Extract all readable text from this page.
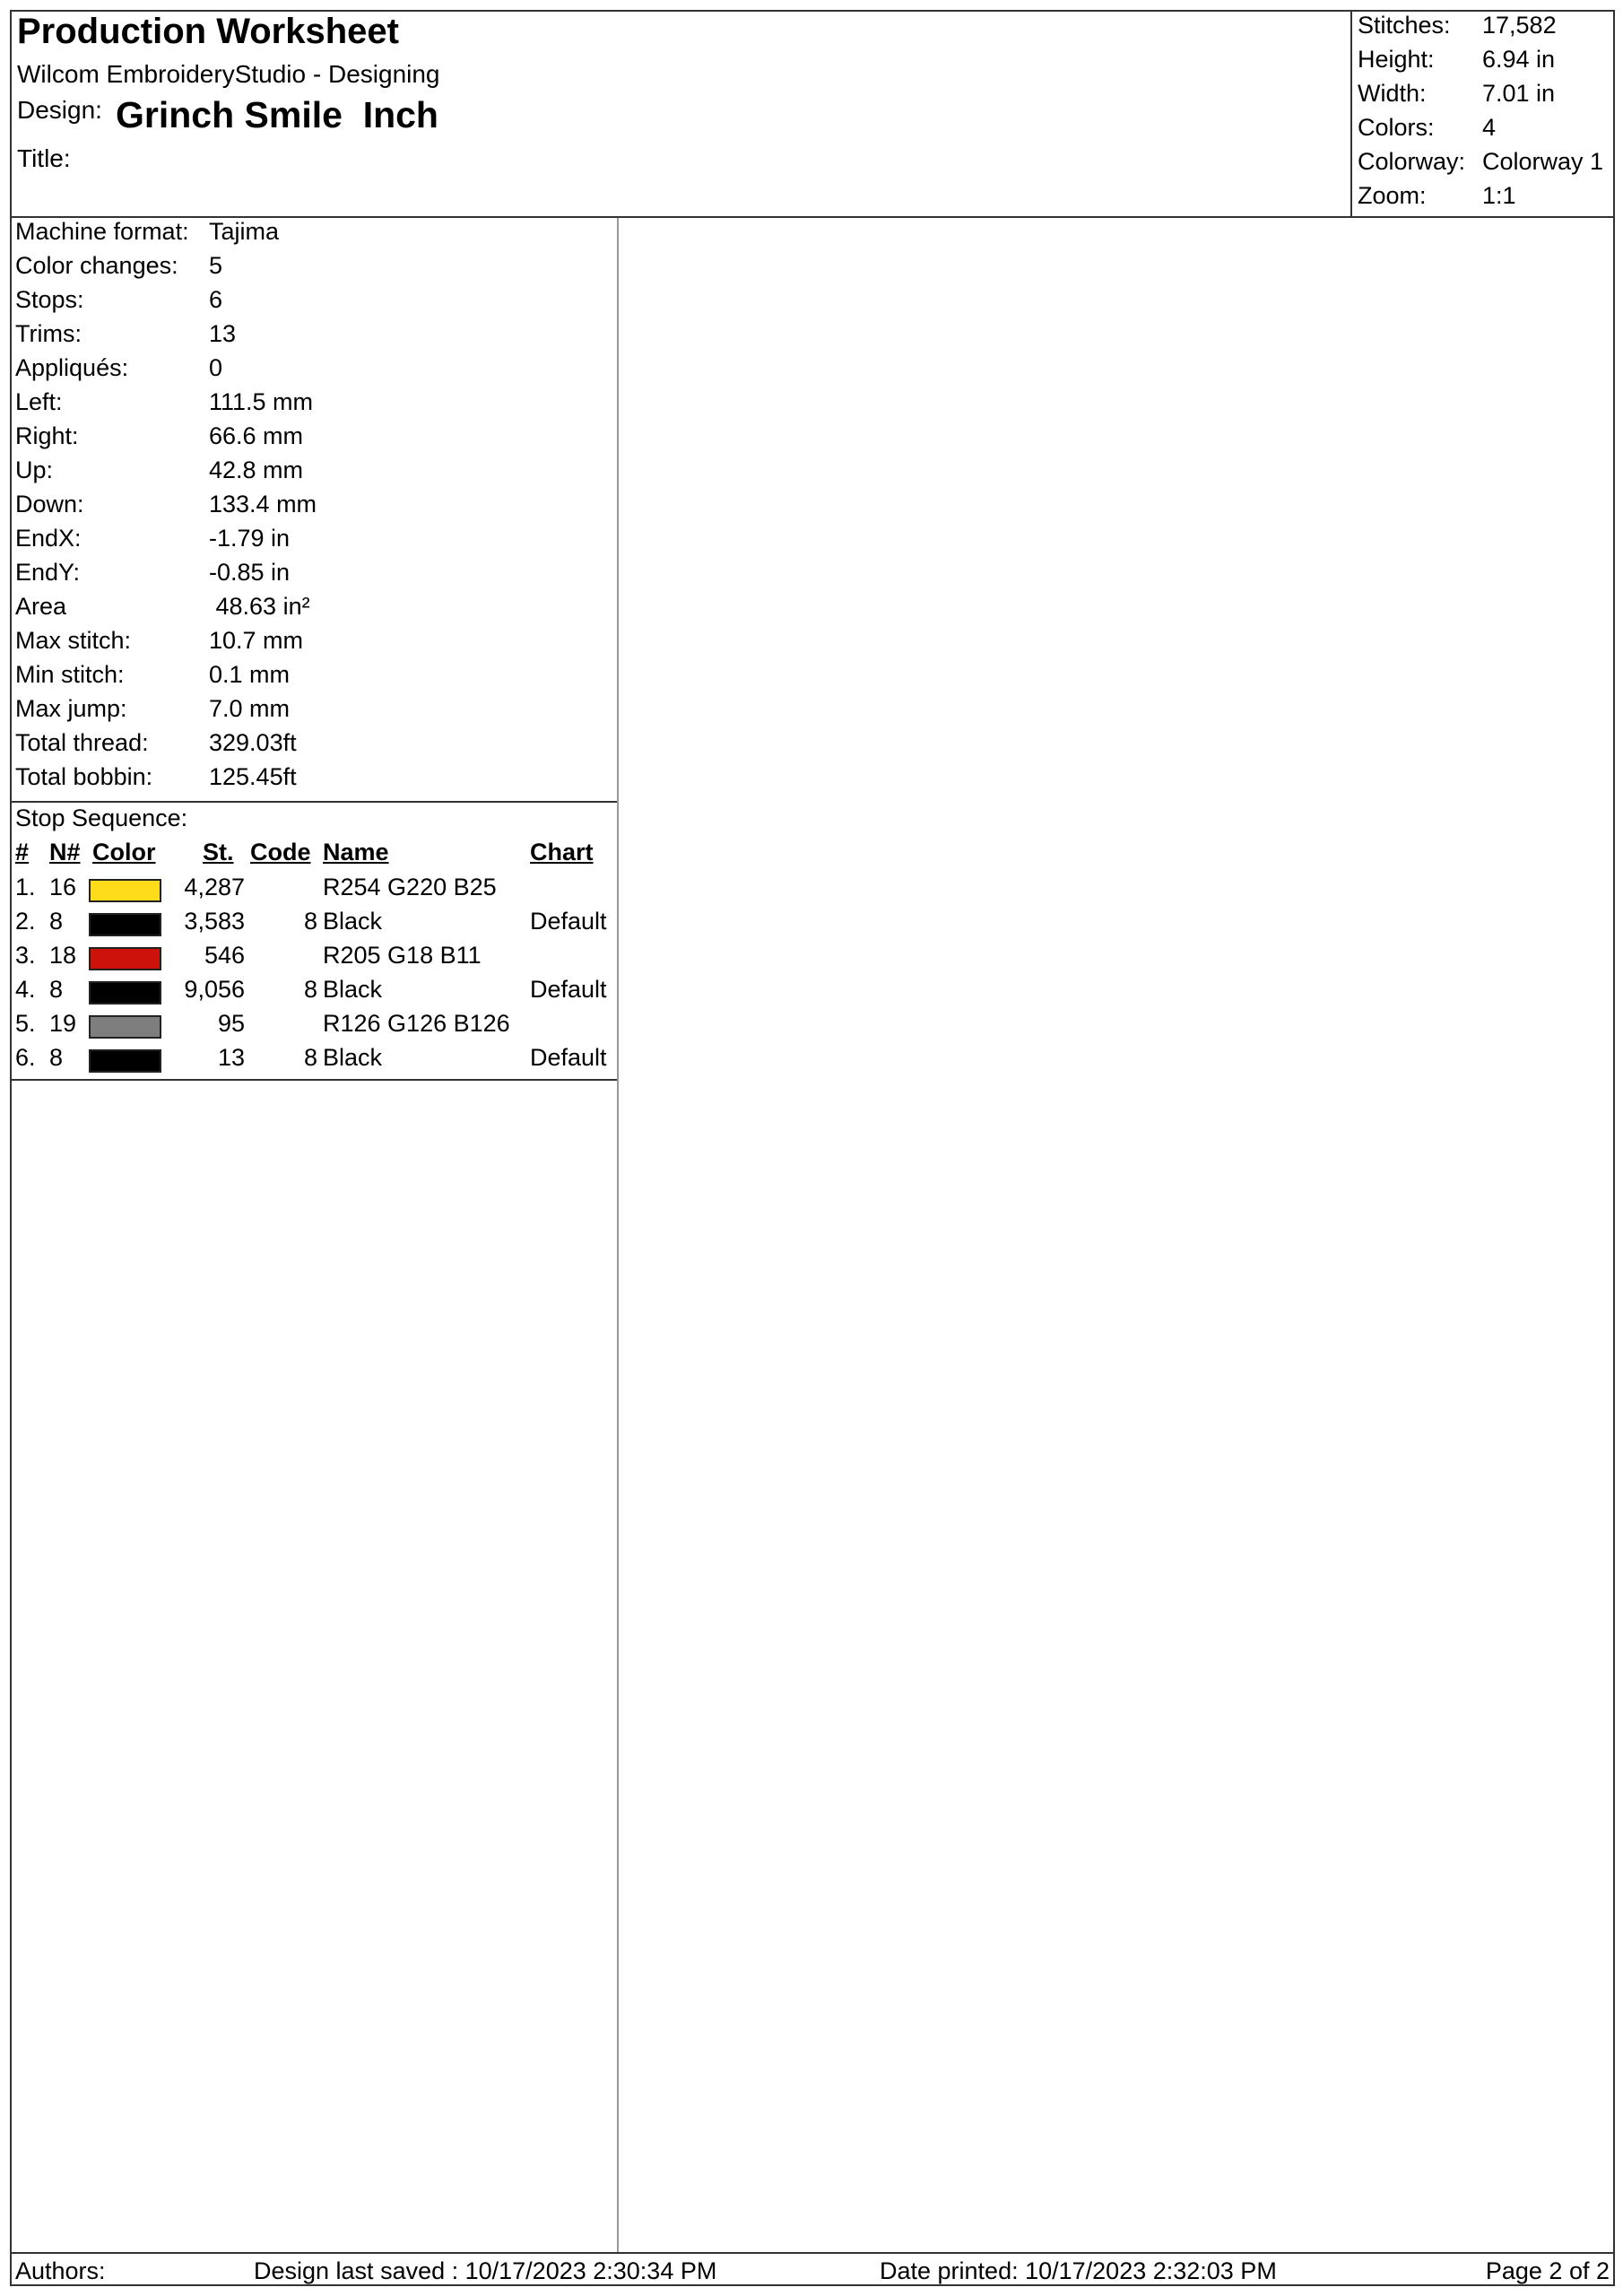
Production Worksheet
Wilcom EmbroideryStudio - Designing
Design: Grinch Smile  Inch
Title:
Stitches: 17,582
Height: 6.94 in
Width: 7.01 in
Colors: 4
Colorway: Colorway 1
Zoom: 1:1
Machine format: Tajima
Color changes: 5
Stops:	6
Trims:	13
Appliqués:	0
Left:	111.5 mm
Right:	66.6 mm
Up:	42.8 mm
Down:	133.4 mm
EndX:	-1.79 in
EndY:	-0.85 in
Area	48.63 in²
Max stitch:	10.7 mm
Min stitch:	0.1 mm
Max jump:	7.0 mm
Total thread: 329.03ft
Total bobbin: 125.45ft
Stop Sequence:
# N# Color St. Code Name	Chart
1. 16	4,287	R254 G220 B25
2. 8	3,583 8 Black	Default
3. 18	546	R205 G18 B11
4. 8	9,056 8 Black	Default
5. 19	95	R126 G126 B126
6. 8	13 8 Black	Default
Authors:	Design last saved : 10/17/2023 2:30:34 PM	Date printed: 10/17/2023 2:32:03 PM	Page 2 of 2
